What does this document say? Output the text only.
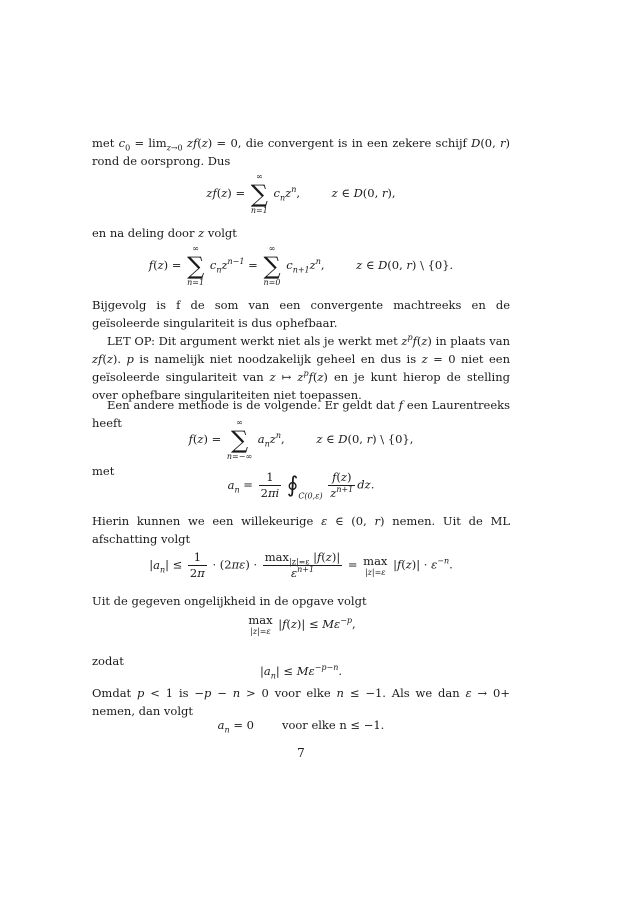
met $c_0 = \lim_{z\to 0} zf(z) = 0$, die convergent is in een zekere schijf D(0, r) rond de oorsprong. Dus
zf(z) =
∞
∑
n=1
$c_nz^n$,	z ∈ D(0, r),
en na deling door z volgt
f(z) =
∞
∑
n=1
$c_nz^{n-1}$ =
∞
∑
n=0
$c_{n+1}z^n$,	z ∈ D(0, r) \ {0}.
Bijgevolg is f de som van een convergente machtreeks en de geïsoleerde singulariteit is dus ophefbaar.
LET OP: Dit argument werkt niet als je werkt met $z^pf(z)$ in plaats van zf(z). p is namelijk niet noodzakelijk geheel en dus is z = 0 niet een geïsoleerde singulariteit van z ↦ $z^pf(z)$ en je kunt hierop de stelling over ophefbare singulariteiten niet toepassen.
Een andere methode is de volgende. Er geldt dat f een Laurentreeks heeft
f(z) =
∞
∑
n=−∞
$a_nz^n$,	z ∈ D(0, r) \ {0},
met
$a_n = \frac{1}{2\pi i}$ $∮_{C(0,\varepsilon)} \frac{f(z)}{z^{n+1}}$ dz.
Hierin kunnen we een willekeurige ε ∈ (0, r) nemen. Uit de ML afschatting volgt
$|a_n| \le \frac{1}{2\pi} \cdot (2\pi\varepsilon) \cdot \frac{\max_{|z|=\varepsilon} |f(z)|}{\varepsilon^{n+1}} = \max$
|z|=ε
$|f(z)| \cdot \varepsilon^{-n}$.
Uit de gegeven ongelijkheid in de opgave volgt
max
|z|=ε
$|f(z)| \le M\varepsilon^{-p}$,
zodat
$|a_n| \le M\varepsilon^{-p-n}$.
Omdat p < 1 is −p − n > 0 voor elke n ≤ −1. Als we dan ε → 0+ nemen, dan volgt
$a_n = 0$ voor elke n ≤ −1.
7
